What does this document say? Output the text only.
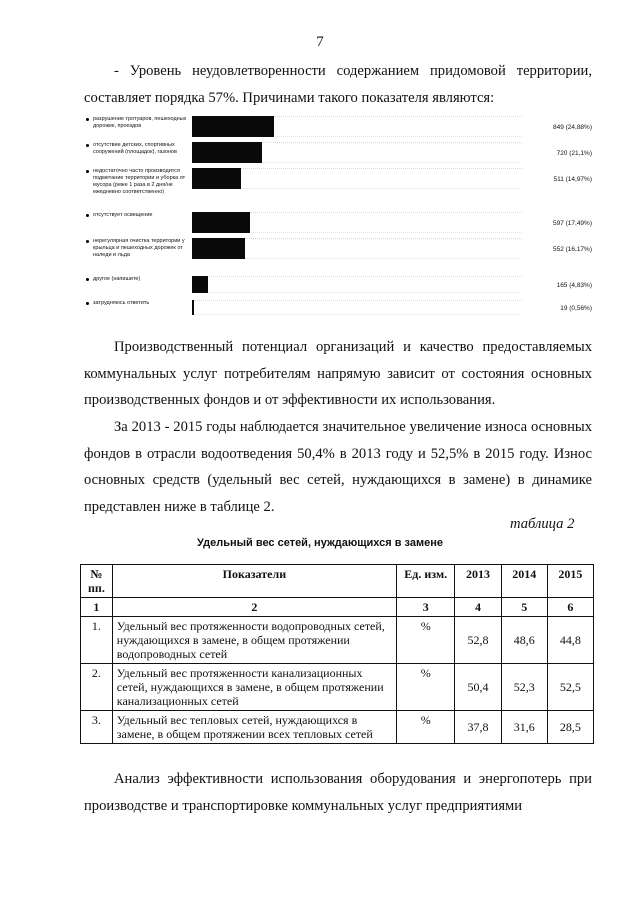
7

- Уровень неудовлетворенности содержанием придомовой территории, составляет порядка 57%. Причинами такого показателя являются:

разрушение тротуаров, пешеходных дорожек, проездов	849 (24,88%)
отсутствие детских, спортивных сооружений (площадок), газонов	720 (21,1%)
недостаточно часто производится подметание территории и уборка от мусора (реже 1 раза в 2 дня/не ежедневно соответственно)
511 (14,97%)
отсутствует освещение
597 (17,49%)
нерегулярная очистка территории у крыльца и пешеходных дорожек от наледи и льда
552 (16,17%)
другое (напишите)
165 (4,83%)
затрудняюсь ответить
19 (0,56%)

Производственный потенциал организаций и качество предоставляемых коммунальных услуг потребителям напрямую зависит от состояния основных производственных фондов и от эффективности их использования.

За 2013 - 2015 годы наблюдается значительное увеличение износа основных фондов в отрасли водоотведения 50,4% в 2013 году и 52,5% в 2015 году. Износ основных средств (удельный вес сетей, нуждающихся в замене) в динамике представлен ниже в таблице 2.

таблица 2
Удельный вес сетей, нуждающихся в замене
№ пп.	Показатели	Ед. изм.	2013	2014	2015
1	2	3	4	5	6
1.	Удельный вес протяженности водопроводных сетей, нуждающихся в замене, в общем протяжении водопроводных сетей	%	52,8	48,6	44,8
2.	Удельный вес протяженности канализационных сетей, нуждающихся в замене, в общем протяжении канализационных сетей	%	50,4	52,3	52,5
3.	Удельный вес тепловых сетей, нуждающихся в замене, в общем протяжении всех тепловых сетей	%	37,8	31,6	28,5

Анализ эффективности использования оборудования и энергопотерь при производстве и транспортировке коммунальных услуг предприятиями
